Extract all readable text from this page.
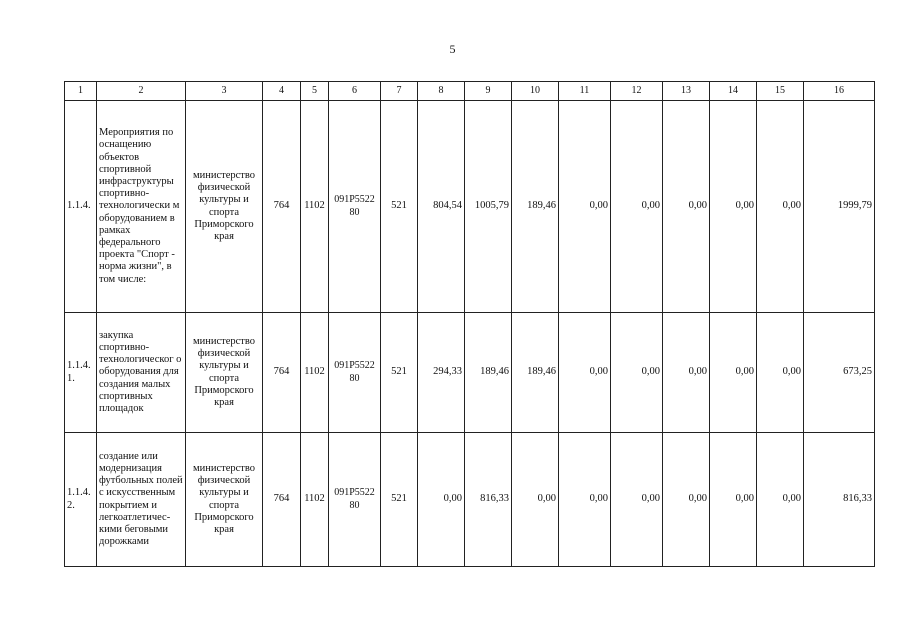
5
1	2	3	4	5	6	7	8	9	10	11	12	13	14	15	16
1.1.4.	Мероприятия по оснащению объектов спортивной инфраструктуры спортивно-технологически м оборудованием в рамках федерального проекта "Спорт - норма жизни", в том числе:	министерство физической культуры и спорта Приморского края	764	1102	091P5522 80	521	804,54	1005,79	189,46	0,00	0,00	0,00	0,00	0,00	1999,79
1.1.4. 1.	закупка спортивно-технологическог о оборудования для создания малых спортивных площадок	министерство физической культуры и спорта Приморского края	764	1102	091P5522 80	521	294,33	189,46	189,46	0,00	0,00	0,00	0,00	0,00	673,25
1.1.4. 2.	создание или модернизация футбольных полей с искусственным покрытием и легкоатлетичес-кими беговыми дорожками	министерство физической культуры и спорта Приморского края	764	1102	091P5522 80	521	0,00	816,33	0,00	0,00	0,00	0,00	0,00	0,00	816,33
